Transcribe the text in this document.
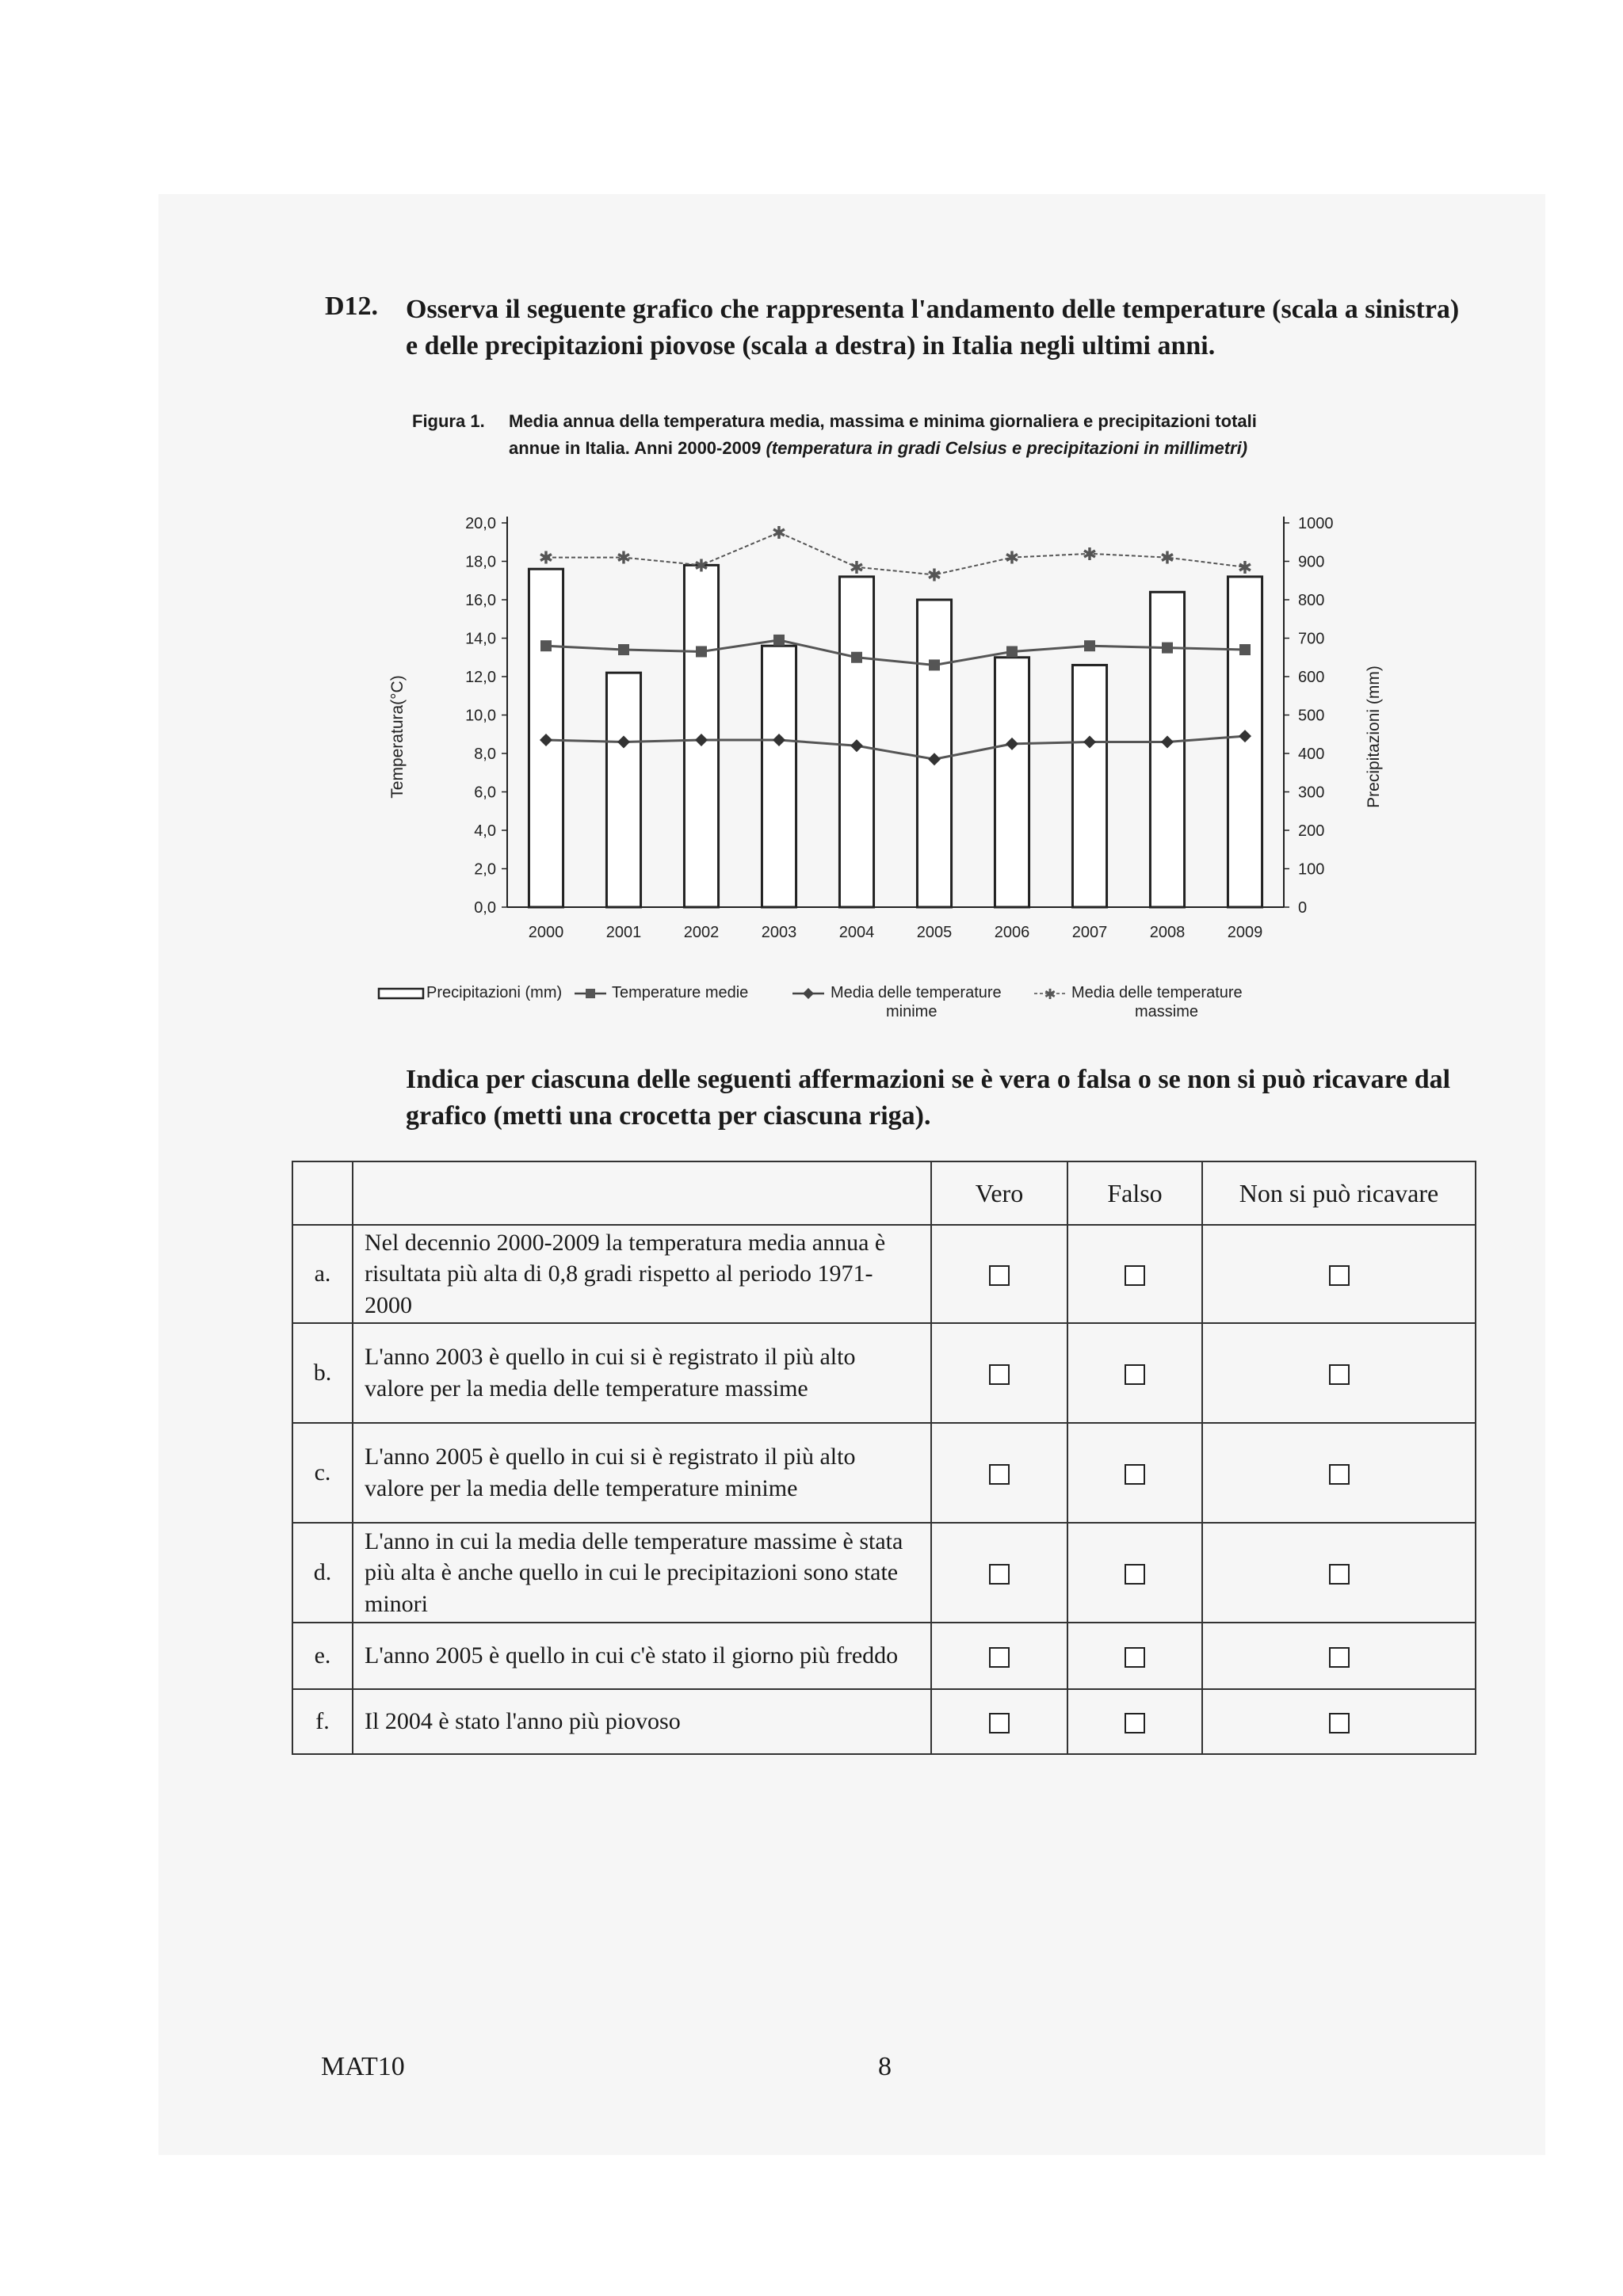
D12. Osserva il seguente grafico che rappresenta l'andamento delle temperature (scala a sinistra) e delle precipitazioni piovose (scala a destra) in Italia negli ultimi anni.
Figura 1. Media annua della temperatura media, massima e minima giornaliera e precipitazioni totali
annue in Italia. Anni 2000-2009 (temperatura in gradi Celsius e precipitazioni in millimetri)
✱	✱	✱
✱
✱	✱
✱	✱	✱	✱
0,0
2,0
4,0
6,0
8,0
10,0
12,0
14,0
16,0
18,0
20,0
0
100
200
300
400
500
600
700
800
900
1000
2000	2001	2002	2003	2004	2005	2006	2007	2008	2009
Temperatura(°C)	Precipitazioni (mm)
Precipitazioni (mm)	Temperature medie	Media delle temperature
minime
✱ Media delle temperature
massime
Indica per ciascuna delle seguenti affermazioni se è vera o falsa o se non si può ricavare dal grafico (metti una crocetta per ciascuna riga).
		Vero	Falso	Non si può ricavare
a.	Nel decennio 2000-2009 la temperatura media annua è risultata più alta di 0,8 gradi rispetto al periodo 1971-2000			
b.	L'anno 2003 è quello in cui si è registrato il più alto valore per la media delle temperature massime			
c.	L'anno 2005 è quello in cui si è registrato il più alto valore per la media delle temperature minime			
d.	L'anno in cui la media delle temperature massime è stata più alta è anche quello in cui le precipitazioni sono state minori			
e.	L'anno 2005 è quello in cui c'è stato il giorno più freddo			
f.	Il 2004 è stato l'anno più piovoso			
MAT10	8
